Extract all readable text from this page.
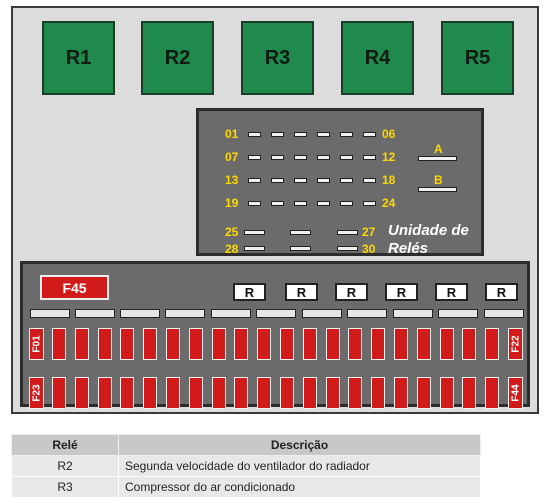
R1	R2	R3	R4	R5
01
07
13
19
06
12
18
24
A
B
25
28
27
30
Unidade de
Relés
F45	R	R	R	R	R	R
F01	F22
F23	F44
Relé	Descrição
R2	Segunda velocidade do ventilador do radiador
R3	Compressor do ar condicionado
